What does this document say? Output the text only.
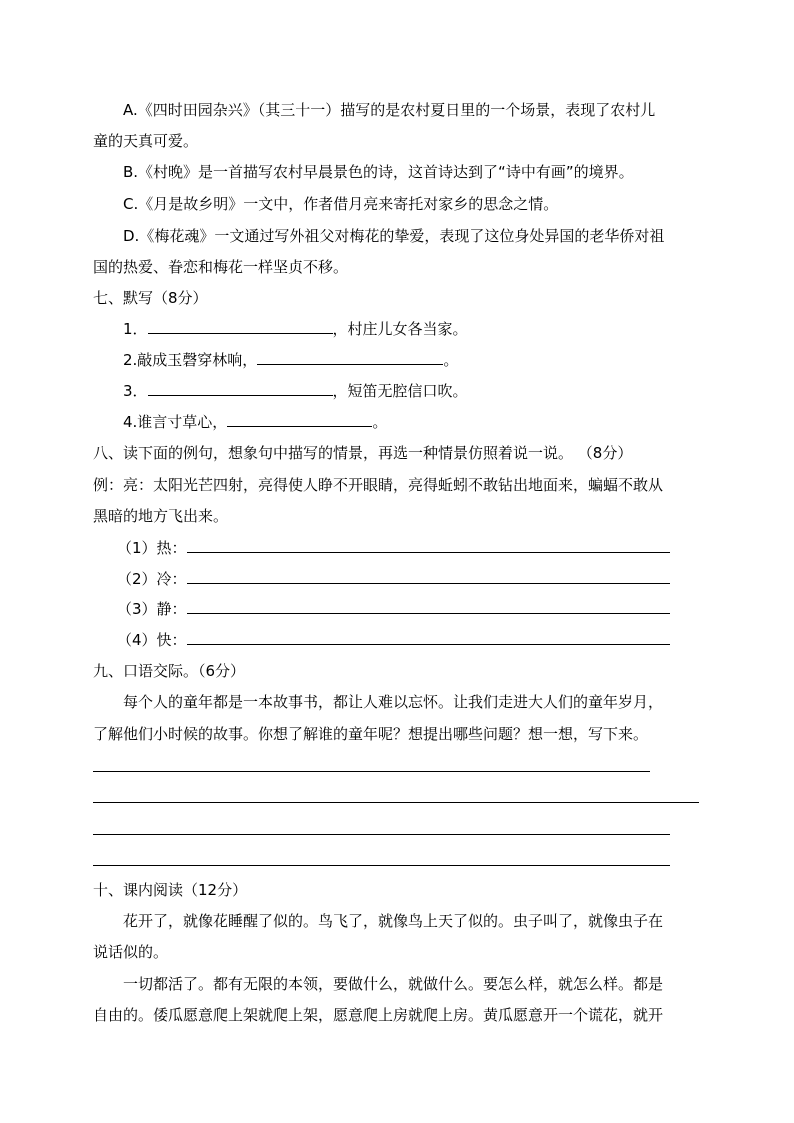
A.《四时田园杂兴》（其三十一）描写的是农村夏日里的一个场景，表现了农村儿
童的天真可爱。
B.《村晚》是一首描写农村早晨景色的诗，这首诗达到了“诗中有画”的境界。
C.《月是故乡明》一文中，作者借月亮来寄托对家乡的思念之情。
D.《梅花魂》一文通过写外祖父对梅花的挚爱，表现了这位身处异国的老华侨对祖
国的热爱、眷恋和梅花一样坚贞不移。
七、默写（8分）
1．	，村庄儿女各当家。
2.敲成玉磬穿林响，	。
3．	，短笛无腔信口吹。
4.谁言寸草心，	。
八、读下面的例句，想象句中描写的情景，再选一种情景仿照着说一说。 （8分）
例：亮：太阳光芒四射，亮得使人睁不开眼睛，亮得蚯蚓不敢钻出地面来，蝙蝠不敢从
黑暗的地方飞出来。
（1）热：
（2）冷：
（3）静：
（4）快：
九、口语交际。（6分）
每个人的童年都是一本故事书，都让人难以忘怀。让我们走进大人们的童年岁月，
了解他们小时候的故事。你想了解谁的童年呢？想提出哪些问题？想一想，写下来。
十、课内阅读（12分）
花开了，就像花睡醒了似的。鸟飞了，就像鸟上天了似的。虫子叫了，就像虫子在
说话似的。
一切都活了。都有无限的本领，要做什么，就做什么。要怎么样，就怎么样。都是
自由的。倭瓜愿意爬上架就爬上架，愿意爬上房就爬上房。黄瓜愿意开一个谎花，就开
